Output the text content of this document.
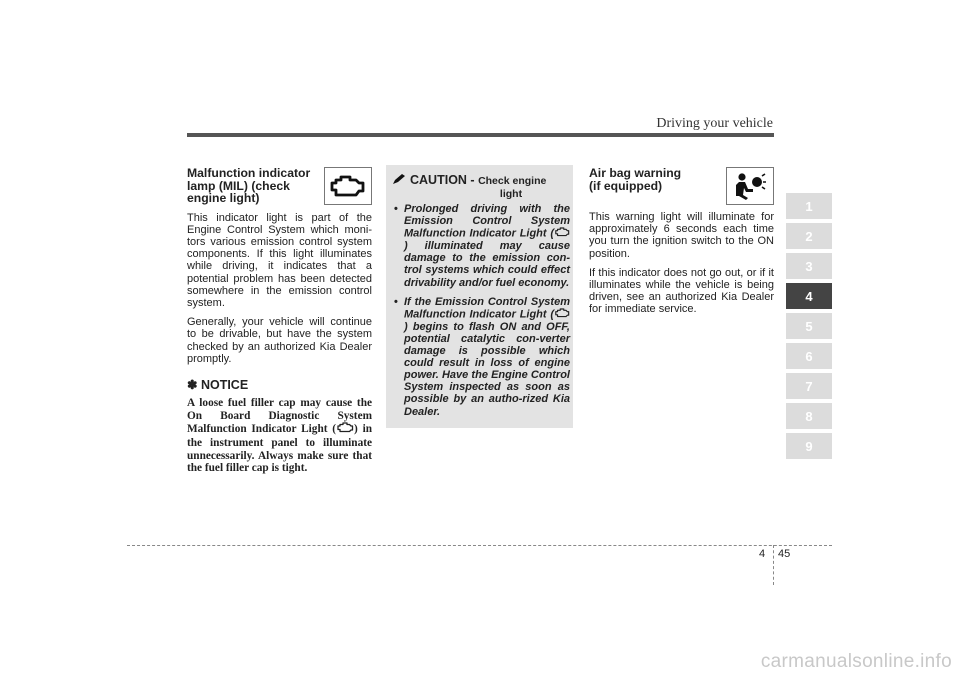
Driving your vehicle
Malfunction indicator
lamp (MIL) (check
engine light)

This indicator light is part of the Engine Control System which moni-tors various emission control system components. If this light illuminates while driving, it indicates that a potential problem has been detected somewhere in the emission control system.

Generally, your vehicle will continue to be drivable, but have the system checked by an authorized Kia Dealer promptly.

✽ NOTICE

A loose fuel filler cap may cause the On Board Diagnostic System Malfunction Indicator Light ( ) in the instrument panel to illuminate unnecessarily. Always make sure that the fuel filler cap is tight.

CAUTION - Check engine
light
• Prolonged driving with the Emission Control System Malfunction Indicator Light () illuminated may cause damage to the emission con-trol systems which could effect drivability and/or fuel economy.
• If the Emission Control System Malfunction Indicator Light () begins to flash ON and OFF, potential catalytic con-verter damage is possible which could result in loss of engine power. Have the Engine Control System inspected as soon as possible by an autho-rized Kia Dealer.
Air bag warning
(if equipped)

This warning light will illuminate for approximately 6 seconds each time you turn the ignition switch to the ON position.

If this indicator does not go out, or if it illuminates while the vehicle is being driven, see an authorized Kia Dealer for immediate service.

1
2
3
4
5
6
7
8
9
4 45
carmanualsonline.info
